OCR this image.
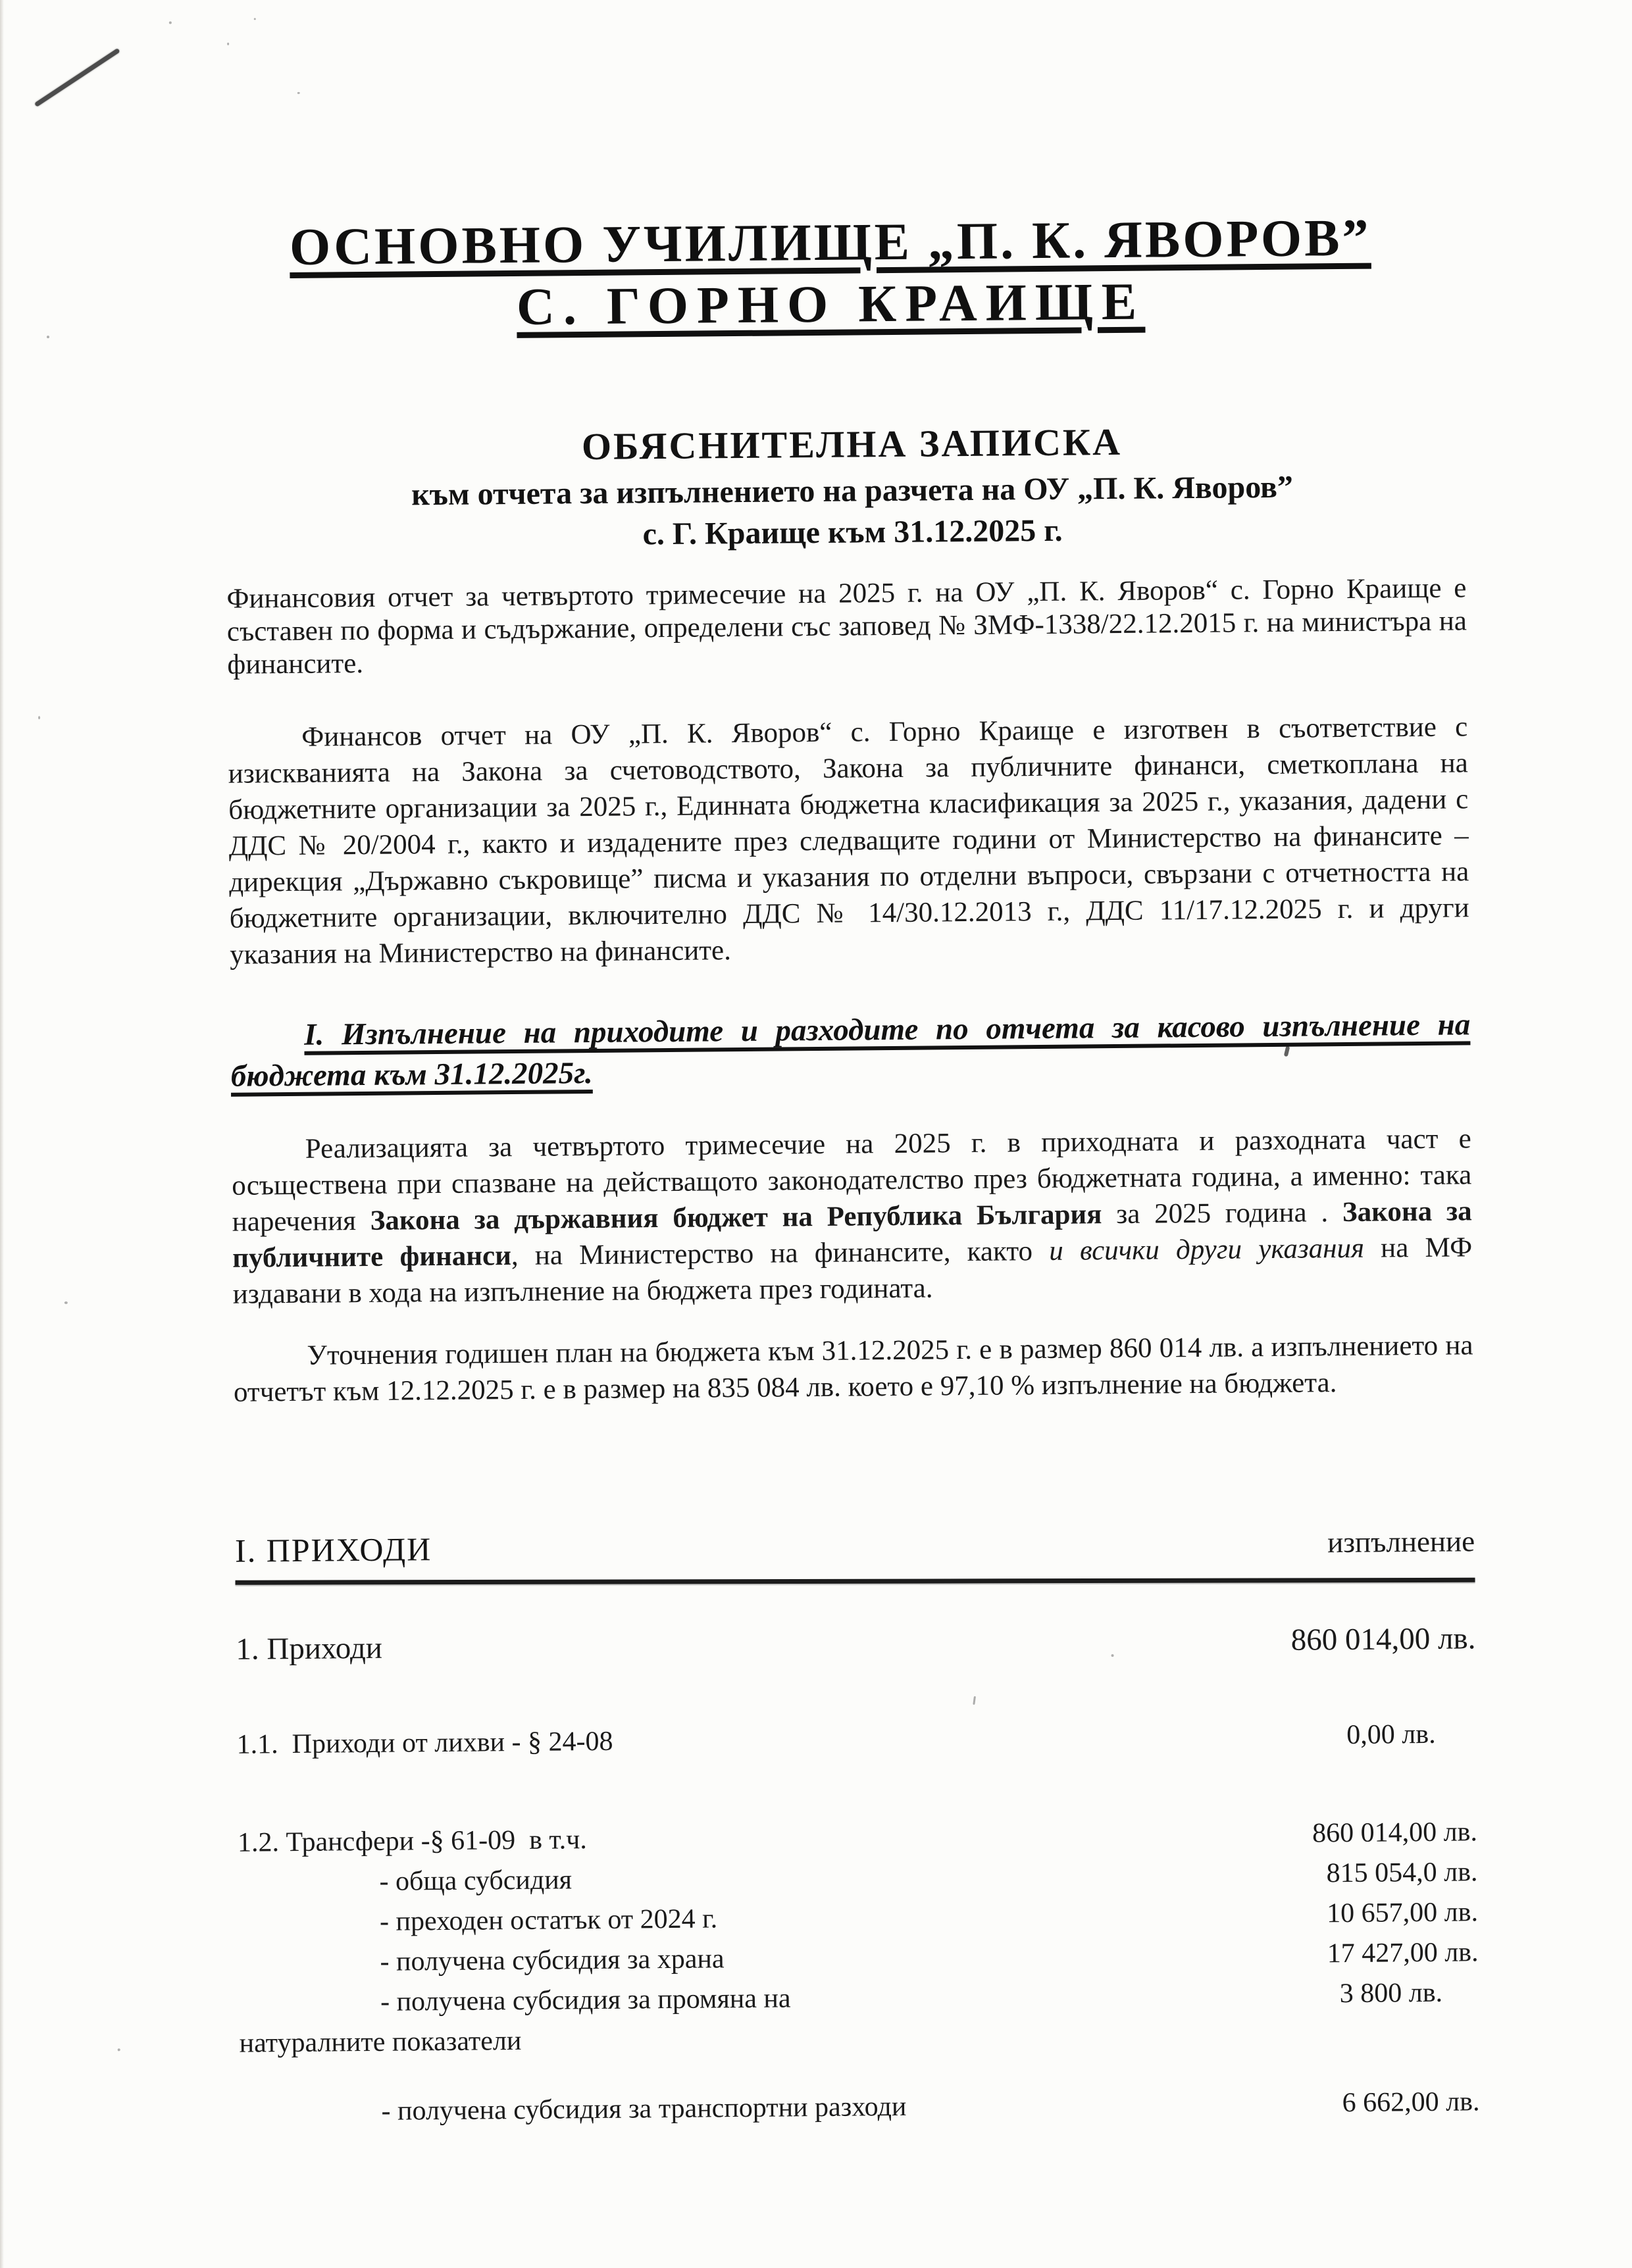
ОСНОВНО УЧИЛИЩЕ „П. К. ЯВОРОВ”
С. ГОРНО КРАИЩЕ
ОБЯСНИТЕЛНА ЗАПИСКА
към отчета за изпълнението на разчета на ОУ „П. К. Яворов”
с. Г. Краище към 31.12.2025 г.

Финансовия отчет за четвъртото тримесечие на 2025 г. на ОУ „П. К. Яворов“ с. Горно Краище е съставен по форма и съдържание, определени със заповед № ЗМФ-1338/22.12.2015 г. на министъра на финансите.

Финансов отчет на ОУ „П. К. Яворов“ с. Горно Краище е изготвен в съответствие с изискванията на Закона за счетоводството, Закона за публичните финанси, сметкоплана на бюджетните организации за 2025 г., Единната бюджетна класификация за 2025 г., указания, дадени с ДДС № 20/2004 г., както и издадените през следващите години от Министерство на финансите – дирекция „Държавно съкровище” писма и указания по отделни въпроси, свързани с отчетността на бюджетните организации, включително ДДС № 14/30.12.2013 г., ДДС 11/17.12.2025 г. и други указания на Министерство на финансите.

I. Изпълнение на приходите и разходите по отчета за касово изпълнение на бюджета към 31.12.2025г.

Реализацията за четвъртото тримесечие на 2025 г. в приходната и разходната част е осъществена при спазване на действащото законодателство през бюджетната година, а именно: така наречения Закона за държавния бюджет на Република България за 2025 година . Закона за публичните финанси, на Министерство на финансите, както и всички други указания на МФ издавани в хода на изпълнение на бюджета през годината.

Уточнения годишен план на бюджета към 31.12.2025 г. е в размер 860 014 лв. а изпълнението на отчетът към 12.12.2025 г. е в размер на 835 084 лв. което е 97,10 % изпълнение на бюджета.

I. ПРИХОДИ	изпълнение
1. Приходи	860 014,00 лв.
1.1.  Приходи от лихви - § 24-08	0,00 лв.
1.2. Трансфери -§ 61-09  в т.ч.	860 014,00 лв.
- обща субсидия	815 054,0 лв.
- преходен остатък от 2024 г.	10 657,00 лв.
- получена субсидия за храна	17 427,00 лв.
- получена субсидия за промяна на	3 800 лв.
натуралните показатели
- получена субсидия за транспортни разходи	6 662,00 лв.
